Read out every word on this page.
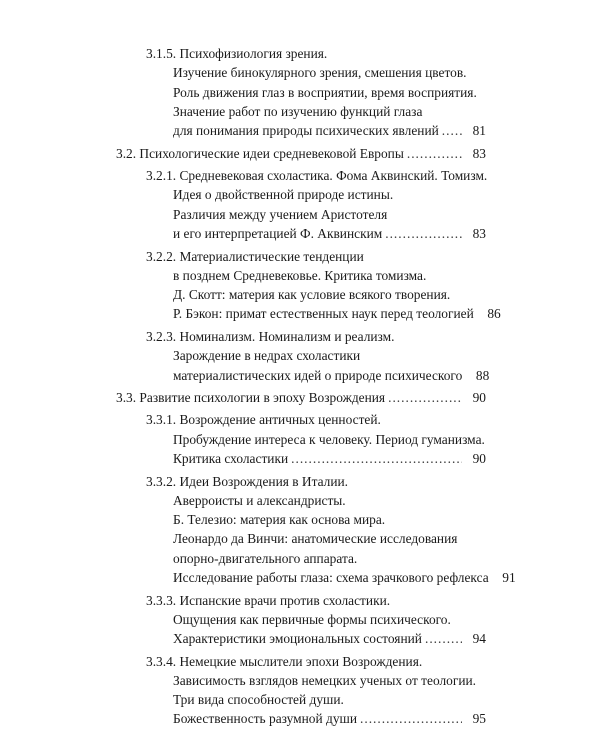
3.1.5. Психофизиология зрения.
Изучение бинокулярного зрения, смешения цветов.
Роль движения глаз в восприятии, время восприятия.
Значение работ по изучению функций глаза
для понимания природы психических явлений .....	81
3.2. Психологические идеи средневековой Европы .....	83
3.2.1. Средневековая схоластика. Фома Аквинский. Томизм.
Идея о двойственной природе истины.
Различия между учением Аристотеля
и его интерпретацией Ф. Аквинским .....	83
3.2.2. Материалистические тенденции
в позднем Средневековье. Критика томизма.
Д. Скотт: материя как условие всякого творения.
Р. Бэкон: примат естественных наук перед теологией	86
3.2.3. Номинализм. Номинализм и реализм.
Зарождение в недрах схоластики
материалистических идей о природе психического	88
3.3. Развитие психологии в эпоху Возрождения .....	90
3.3.1. Возрождение античных ценностей.
Пробуждение интереса к человеку. Период гуманизма.
Критика схоластики .....	90
3.3.2. Идеи Возрождения в Италии.
Аверроисты и александристы.
Б. Телезио: материя как основа мира.
Леонардо да Винчи: анатомические исследования
опорно-двигательного аппарата.
Исследование работы глаза: схема зрачкового рефлекса	91
3.3.3. Испанские врачи против схоластики.
Ощущения как первичные формы психического.
Характеристики эмоциональных состояний .....	94
3.3.4. Немецкие мыслители эпохи Возрождения.
Зависимость взглядов немецких ученых от теологии.
Три вида способностей души.
Божественность разумной души .....	95
